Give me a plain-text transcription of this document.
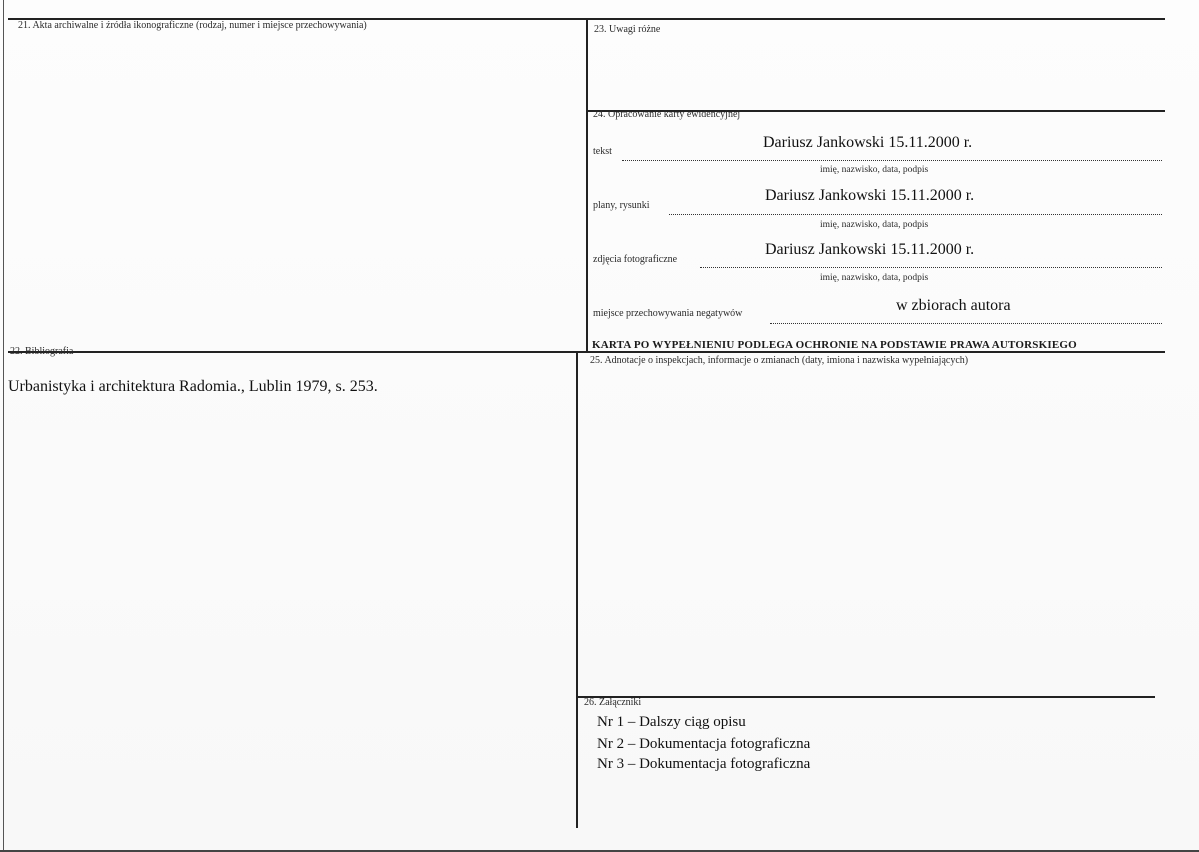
21. Akta archiwalne i źródła ikonograficzne (rodzaj, numer i miejsce przechowywania)	23. Uwagi różne
24. Opracowanie karty ewidencyjnej
tekst
Dariusz Jankowski 15.11.2000 r.
imię, nazwisko, data, podpis
plany, rysunki
Dariusz Jankowski 15.11.2000 r.
imię, nazwisko, data, podpis
zdjęcia fotograficzne
Dariusz Jankowski 15.11.2000 r.
imię, nazwisko, data, podpis
miejsce przechowywania negatywów	w zbiorach autora
KARTA PO WYPEŁNIENIU PODLEGA OCHRONIE NA PODSTAWIE PRAWA AUTORSKIEGO
22. Bibliografia
Urbanistyka i architektura Radomia., Lublin 1979, s. 253.
25. Adnotacje o inspekcjach, informacje o zmianach (daty, imiona i nazwiska wypełniających)
26. Załączniki
Nr 1 – Dalszy ciąg opisu
Nr 2 – Dokumentacja fotograficzna
Nr 3 – Dokumentacja fotograficzna
